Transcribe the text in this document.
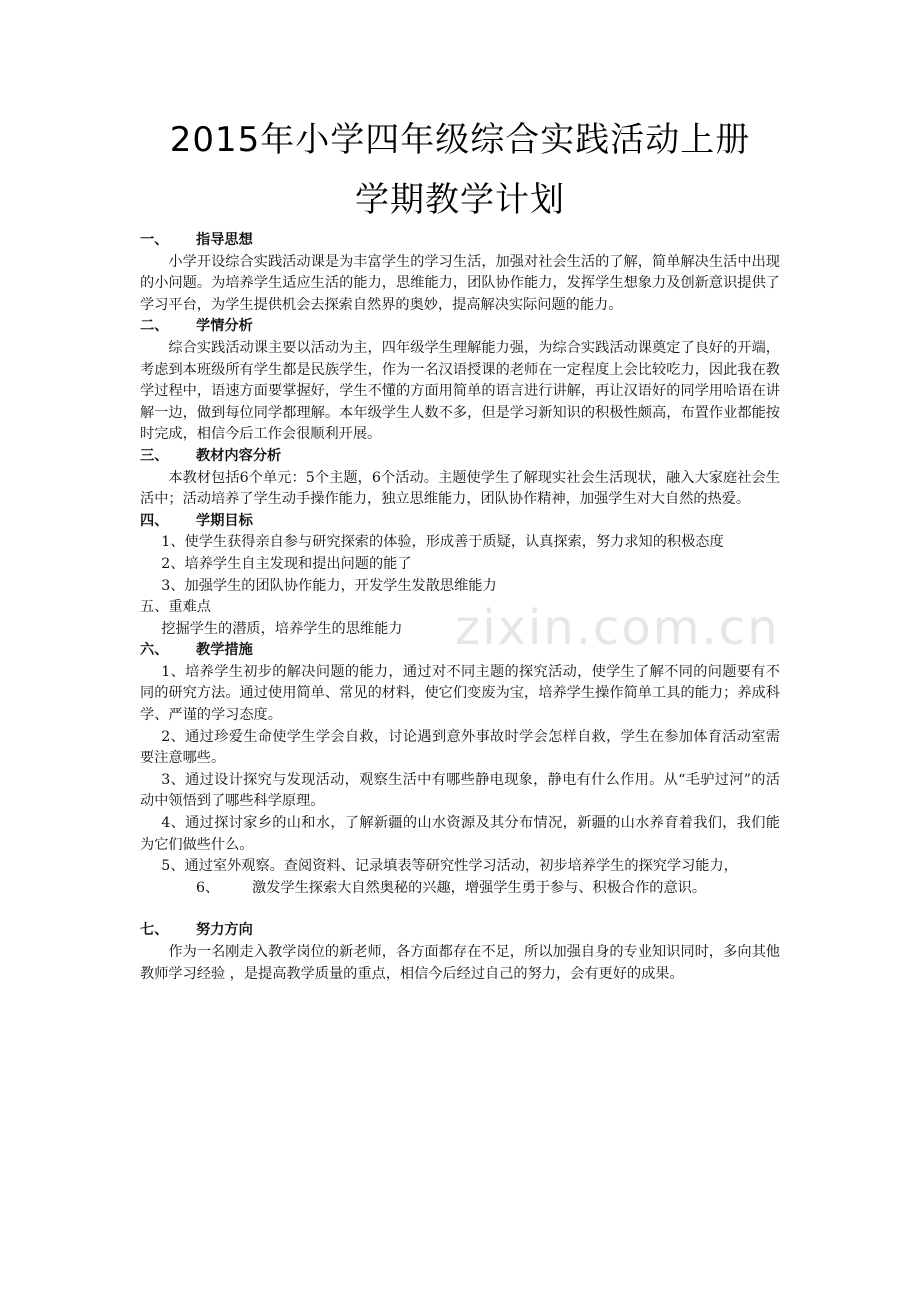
zixin.com.cn
2015年小学四年级综合实践活动上册
学期教学计划
一、	指导思想
小学开设综合实践活动课是为丰富学生的学习生活，加强对社会生活的了解，简单解决生活中出现的小问题。为培养学生适应生活的能力，思维能力，团队协作能力，发挥学生想象力及创新意识提供了学习平台，为学生提供机会去探索自然界的奥妙，提高解决实际问题的能力。
二、	学情分析
综合实践活动课主要以活动为主，四年级学生理解能力强，为综合实践活动课奠定了良好的开端，考虑到本班级所有学生都是民族学生，作为一名汉语授课的老师在一定程度上会比较吃力，因此我在教学过程中，语速方面要掌握好，学生不懂的方面用简单的语言进行讲解，再让汉语好的同学用哈语在讲解一边，做到每位同学都理解。本年级学生人数不多，但是学习新知识的积极性颇高，布置作业都能按时完成，相信今后工作会很顺利开展。
三、	教材内容分析
本教材包括6个单元：5个主题，6个活动。主题使学生了解现实社会生活现状，融入大家庭社会生活中；活动培养了学生动手操作能力，独立思维能力，团队协作精神，加强学生对大自然的热爱。
四、	学期目标
1、使学生获得亲自参与研究探索的体验，形成善于质疑，认真探索，努力求知的积极态度
2、培养学生自主发现和提出问题的能了
3、加强学生的团队协作能力，开发学生发散思维能力
五、重难点
挖掘学生的潜质，培养学生的思维能力
六、	教学措施
1、培养学生初步的解决问题的能力，通过对不同主题的探究活动，使学生了解不同的问题要有不同的研究方法。通过使用简单、常见的材料，使它们变废为宝，培养学生操作简单工具的能力；养成科学、严谨的学习态度。
2、通过珍爱生命使学生学会自救，讨论遇到意外事故时学会怎样自救，学生在参加体育活动室需要注意哪些。
3、通过设计探究与发现活动，观察生活中有哪些静电现象，静电有什么作用。从“毛驴过河”的活动中领悟到了哪些科学原理。
4、通过探讨家乡的山和水，了解新疆的山水资源及其分布情况，新疆的山水养育着我们，我们能为它们做些什么。
5、通过室外观察。查阅资料、记录填表等研究性学习活动，初步培养学生的探究学习能力，
6、	激发学生探索大自然奥秘的兴趣，增强学生勇于参与、积极合作的意识。
七、	努力方向
作为一名刚走入教学岗位的新老师，各方面都存在不足，所以加强自身的专业知识同时，多向其他教师学习经验 ，是提高教学质量的重点，相信今后经过自己的努力，会有更好的成果。
